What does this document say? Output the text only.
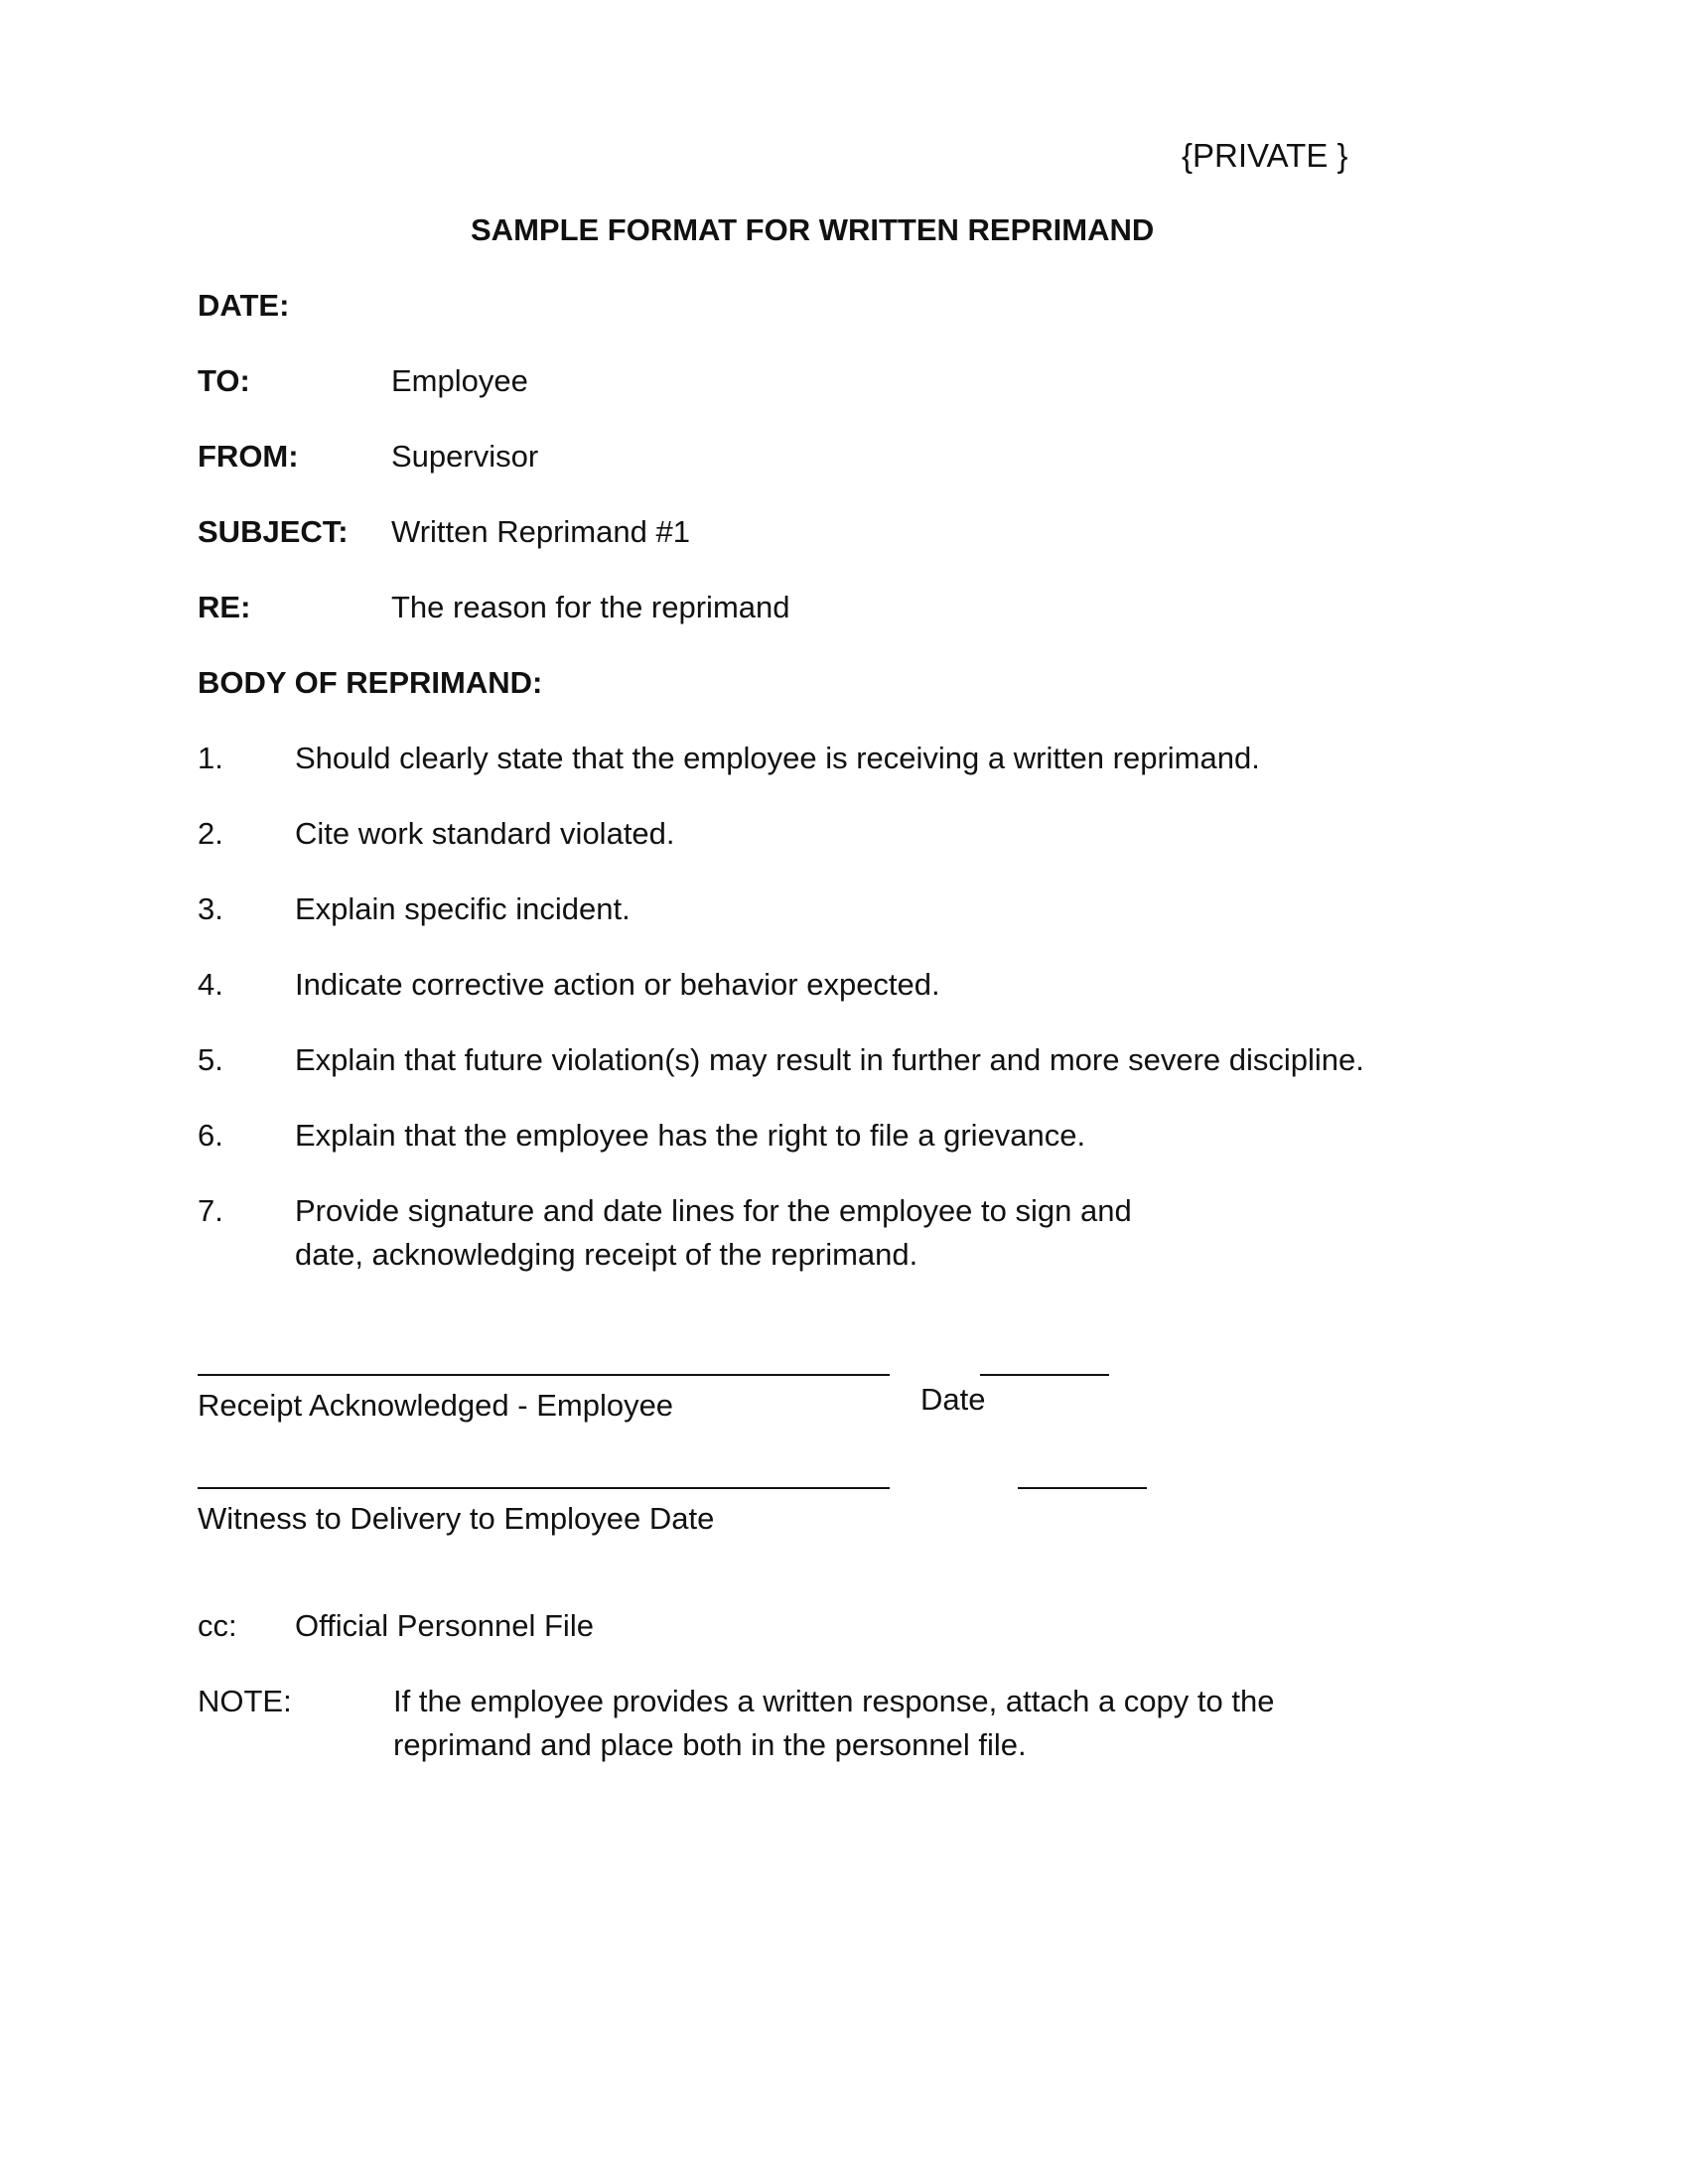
{PRIVATE }
SAMPLE FORMAT FOR WRITTEN REPRIMAND
DATE:
TO:	Employee
FROM:	Supervisor
SUBJECT: Written Reprimand #1
RE:	The reason for the reprimand
BODY OF REPRIMAND:
1. Should clearly state that the employee is receiving a written reprimand.
2. Cite work standard violated.
3. Explain specific incident.
4. Indicate corrective action or behavior expected.
5. Explain that future violation(s) may result in further and more severe discipline.
6. Explain that the employee has the right to file a grievance.
7. Provide signature and date lines for the employee to sign and
date, acknowledging receipt of the reprimand.
Receipt Acknowledged - Employee	Date
Witness to Delivery to Employee Date
cc: Official Personnel File
NOTE:	If the employee provides a written response, attach a copy to the
reprimand and place both in the personnel file.
